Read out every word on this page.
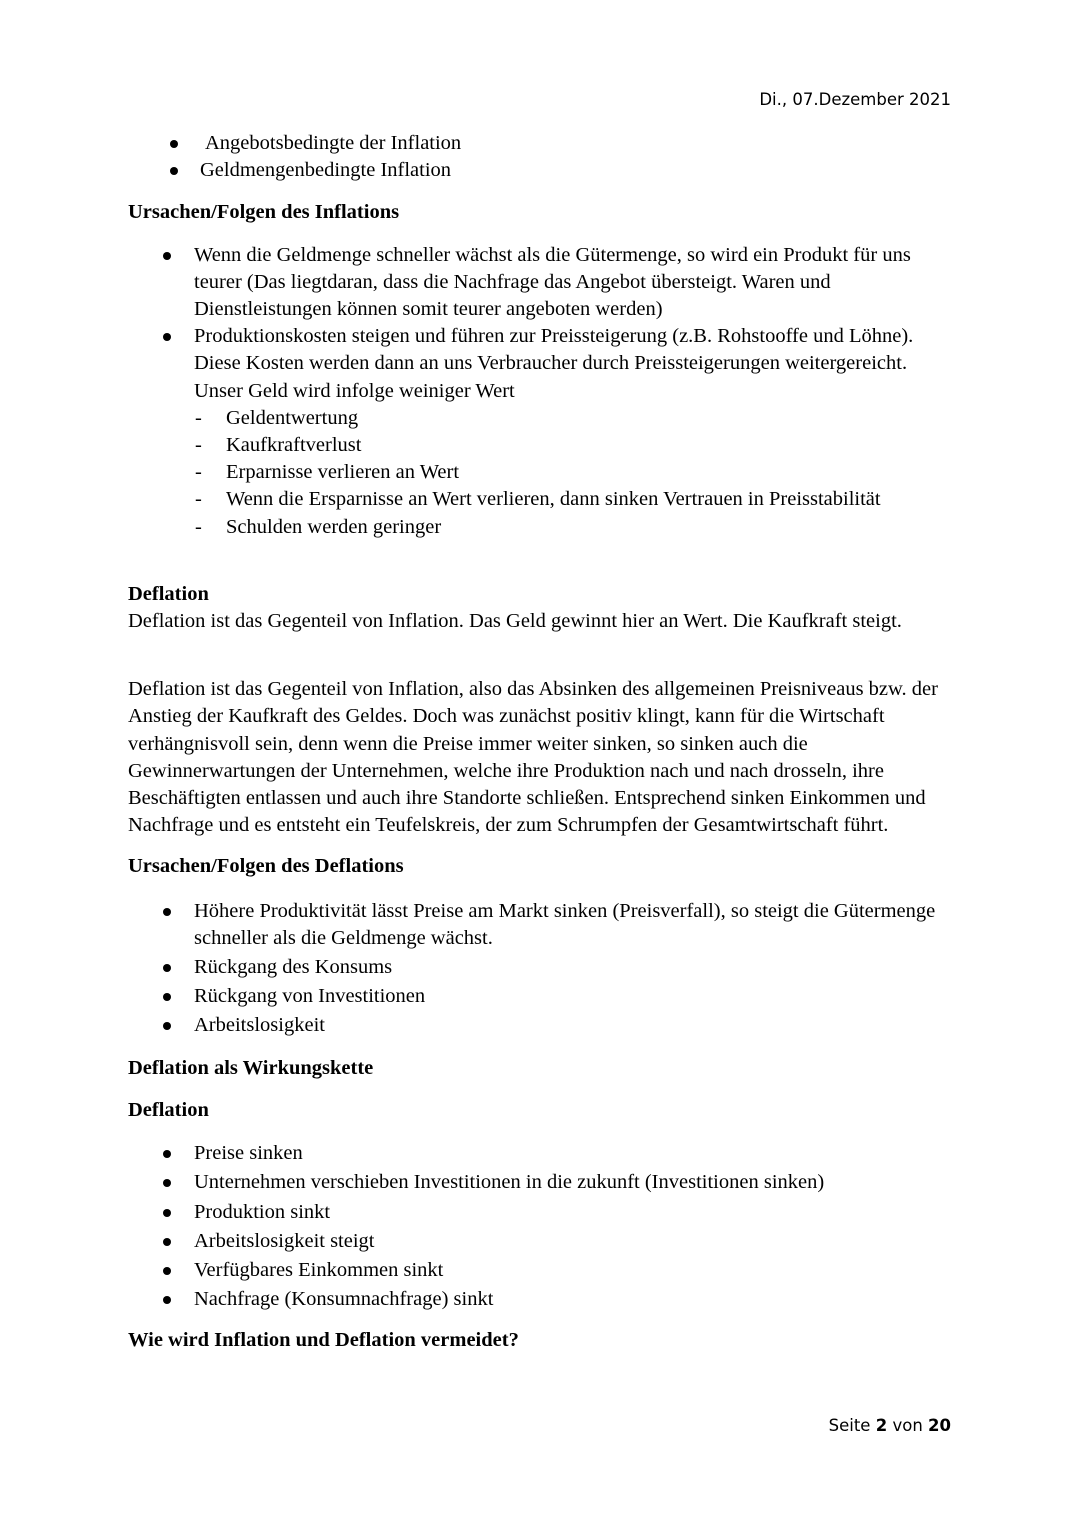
Di., 07.Dezember 2021
Angebotsbedingte der Inflation
Geldmengenbedingte Inflation

Ursachen/Folgen des Inflations

Wenn die Geldmenge schneller wächst als die Gütermenge, so wird ein Produkt für uns teurer (Das liegtdaran, dass die Nachfrage das Angebot übersteigt. Waren und Dienstleistungen können somit teurer angeboten werden)
Produktionskosten steigen und führen zur Preissteigerung (z.B. Rohstooffe und Löhne). Diese Kosten werden dann an uns Verbraucher durch Preissteigerungen weitergereicht. Unser Geld wird infolge weiniger Wert
- Geldentwertung
- Kaufkraftverlust
- Erparnisse verlieren an Wert
- Wenn die Ersparnisse an Wert verlieren, dann sinken Vertrauen in Preisstabilität
- Schulden werden geringer

Deflation

Deflation ist das Gegenteil von Inflation. Das Geld gewinnt hier an Wert. Die Kaufkraft steigt.

Deflation ist das Gegenteil von Inflation, also das Absinken des allgemeinen Preisniveaus bzw. der Anstieg der Kaufkraft des Geldes. Doch was zunächst positiv klingt, kann für die Wirtschaft verhängnisvoll sein, denn wenn die Preise immer weiter sinken, so sinken auch die Gewinnerwartungen der Unternehmen, welche ihre Produktion nach und nach drosseln, ihre Beschäftigten entlassen und auch ihre Standorte schließen. Entsprechend sinken Einkommen und Nachfrage und es entsteht ein Teufelskreis, der zum Schrumpfen der Gesamtwirtschaft führt.

Ursachen/Folgen des Deflations

Höhere Produktivität lässt Preise am Markt sinken (Preisverfall), so steigt die Gütermenge schneller als die Geldmenge wächst.
Rückgang des Konsums
Rückgang von Investitionen
Arbeitslosigkeit

Deflation als Wirkungskette

Deflation

Preise sinken
Unternehmen verschieben Investitionen in die zukunft (Investitionen sinken)
Produktion sinkt
Arbeitslosigkeit steigt
Verfügbares Einkommen sinkt
Nachfrage (Konsumnachfrage) sinkt

Wie wird Inflation und Deflation vermeidet?

Seite 2 von 20
